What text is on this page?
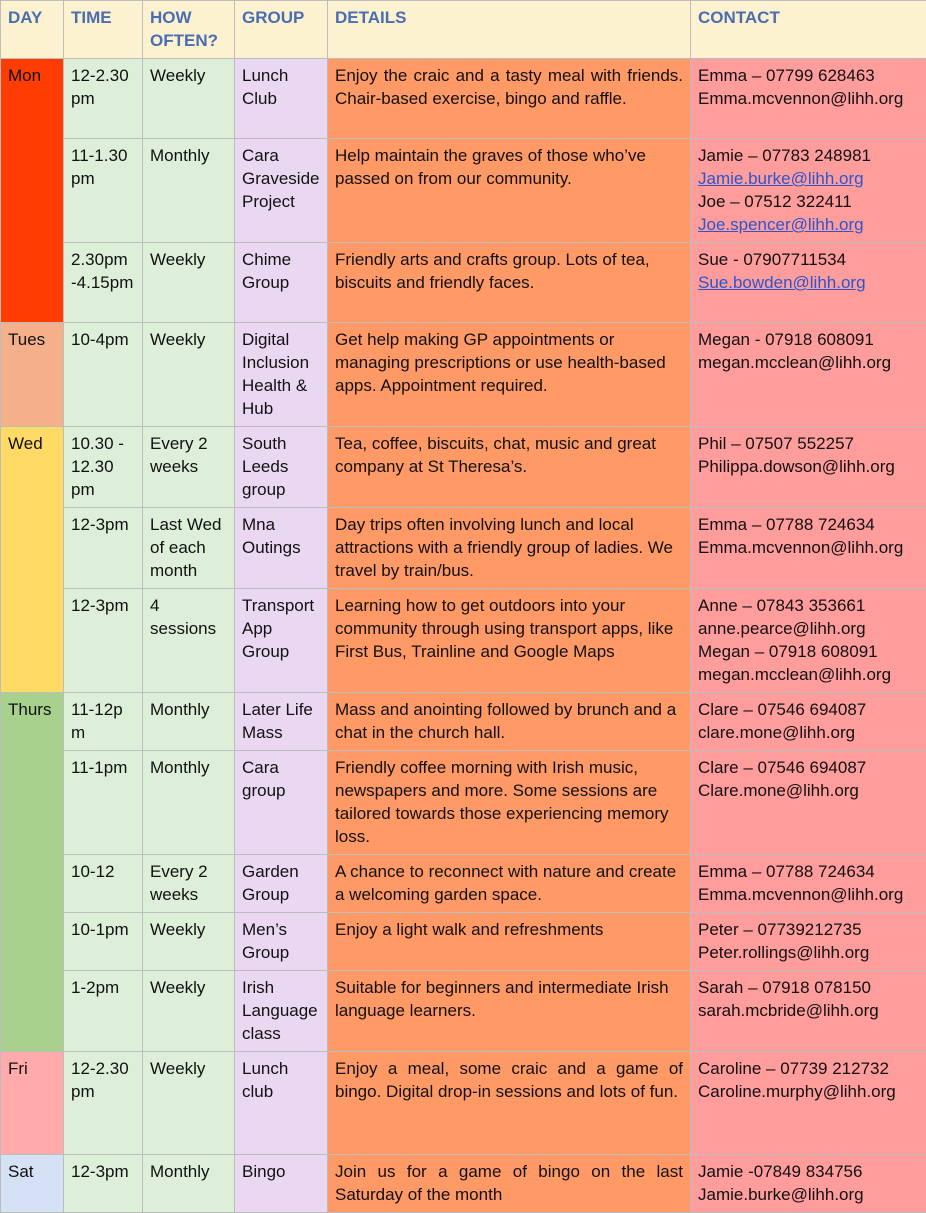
DAY	TIME	HOW OFTEN?	GROUP	DETAILS	CONTACT
Mon	12-2.30 pm	Weekly	Lunch Club	Enjoy the craic and a tasty meal with friends. Chair-based exercise, bingo and raffle.	Emma – 07799 628463
Emma.mcvennon@lihh.org

	11-1.30 pm	Monthly	Cara Graveside Project	Help maintain the graves of those who’ve passed on from our community.	Jamie – 07783 248981
Jamie.burke@lihh.org
Joe – 07512 322411
Joe.spencer@lihh.org

	2.30pm -4.15pm	Weekly	Chime Group	Friendly arts and crafts group. Lots of tea, biscuits and friendly faces.	Sue - 07907711534
Sue.bowden@lihh.org

Tues	10-4pm	Weekly	Digital Inclusion Health & Hub	Get help making GP appointments or managing prescriptions or use health-based apps. Appointment required.	Megan - 07918 608091
megan.mcclean@lihh.org

Wed	10.30 - 12.30 pm	Every 2 weeks	South Leeds group	Tea, coffee, biscuits, chat, music and great company at St Theresa’s.	Phil – 07507 552257
Philippa.dowson@lihh.org

	12-3pm	Last Wed of each month	Mna Outings	Day trips often involving lunch and local attractions with a friendly group of ladies. We travel by train/bus.	Emma – 07788 724634
Emma.mcvennon@lihh.org

	12-3pm	4 sessions	Transport App Group	Learning how to get outdoors into your community through using transport apps, like First Bus, Trainline and Google Maps	Anne – 07843 353661
anne.pearce@lihh.org
Megan – 07918 608091
megan.mcclean@lihh.org

Thurs	11-12pm	Monthly	Later Life Mass	Mass and anointing followed by brunch and a chat in the church hall.	Clare – 07546 694087
clare.mone@lihh.org

	11-1pm	Monthly	Cara group	Friendly coffee morning with Irish music, newspapers and more. Some sessions are tailored towards those experiencing memory loss.	Clare – 07546 694087
Clare.mone@lihh.org

	10-12	Every 2 weeks	Garden Group	A chance to reconnect with nature and create a welcoming garden space.	Emma – 07788 724634
Emma.mcvennon@lihh.org

	10-1pm	Weekly	Men’s Group	Enjoy a light walk and refreshments	Peter – 07739212735
Peter.rollings@lihh.org

	1-2pm	Weekly	Irish Language class	Suitable for beginners and intermediate Irish language learners.	Sarah – 07918 078150
sarah.mcbride@lihh.org

Fri	12-2.30 pm	Weekly	Lunch club	Enjoy a meal, some craic and a game of bingo. Digital drop-in sessions and lots of fun.	Caroline – 07739 212732
Caroline.murphy@lihh.org

Sat	12-3pm	Monthly	Bingo	Join us for a game of bingo on the last Saturday of the month	Jamie -07849 834756
Jamie.burke@lihh.org
